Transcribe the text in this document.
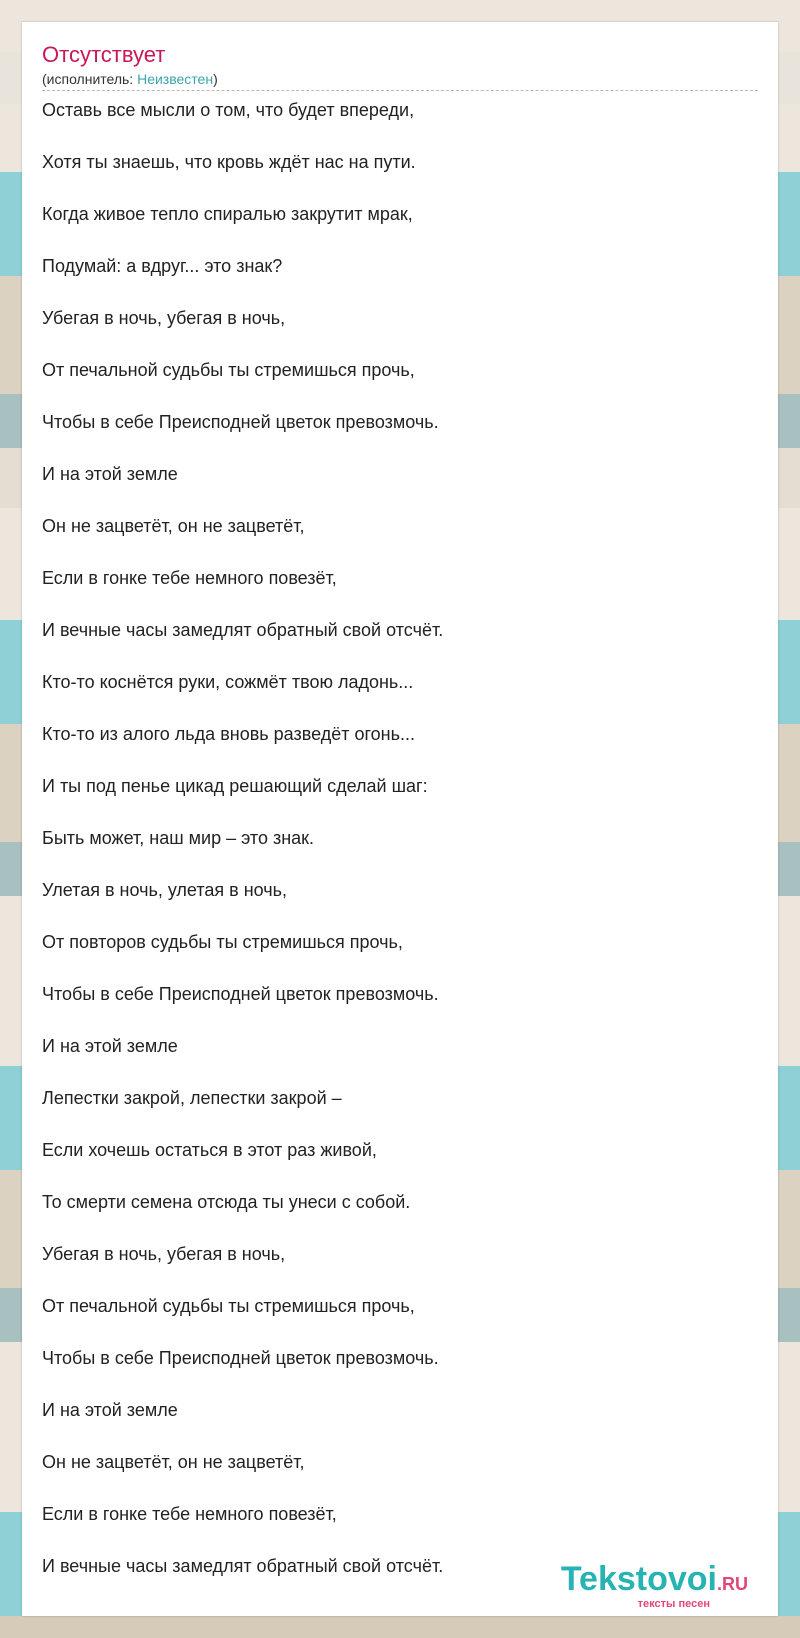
Отсутствует
(исполнитель: Неизвестен)
Оставь все мысли о том, что будет впереди,
Хотя ты знаешь, что кровь ждёт нас на пути.
Когда живое тепло спиралью закрутит мрак,
Подумай: а вдруг... это знак?
Убегая в ночь, убегая в ночь,
От печальной судьбы ты стремишься прочь,
Чтобы в себе Преисподней цветок превозмочь.
И на этой земле
Он не зацветёт, он не зацветёт,
Если в гонке тебе немного повезёт,
И вечные часы замедлят обратный свой отсчёт.
Кто-то коснётся руки, сожмёт твою ладонь...
Кто-то из алого льда вновь разведёт огонь...
И ты под пенье цикад решающий сделай шаг:
Быть может, наш мир – это знак.
Улетая в ночь, улетая в ночь,
От повторов судьбы ты стремишься прочь,
Чтобы в себе Преисподней цветок превозмочь.
И на этой земле
Лепестки закрой, лепестки закрой –
Если хочешь остаться в этот раз живой,
То смерти семена отсюда ты унеси с собой.
Убегая в ночь, убегая в ночь,
От печальной судьбы ты стремишься прочь,
Чтобы в себе Преисподней цветок превозмочь.
И на этой земле
Он не зацветёт, он не зацветёт,
Если в гонке тебе немного повезёт,
И вечные часы замедлят обратный свой отсчёт.	Tekstovoi.RU
тексты песен
